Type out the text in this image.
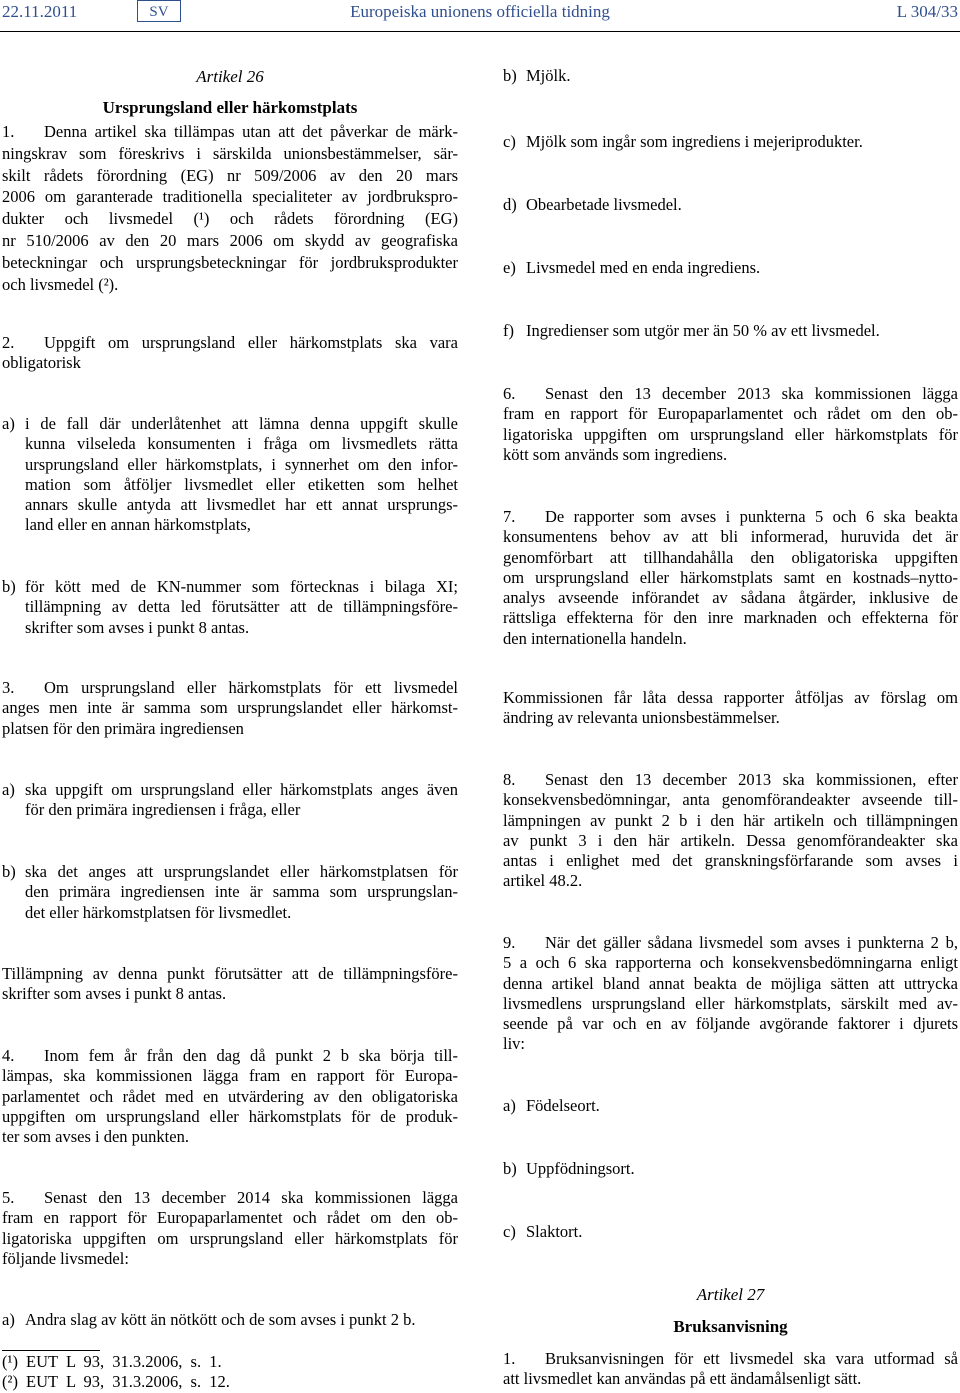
22.11.2011	SV	Europeiska unionens officiella tidning	L 304/33
Artikel 26
Ursprungsland eller härkomstplats
1. Denna artikel ska tillämpas utan att det påverkar de märk-
ningskrav som föreskrivs i särskilda unionsbestämmelser, sär-
skilt rådets förordning (EG) nr 509/2006 av den 20 mars
2006 om garanterade traditionella specialiteter av jordbrukspro-
dukter och livsmedel (¹) och rådets förordning (EG)
nr 510/2006 av den 20 mars 2006 om skydd av geografiska
beteckningar och ursprungsbeteckningar för jordbruksprodukter
och livsmedel (²).
2. Uppgift om ursprungsland eller härkomstplats ska vara
obligatorisk
a) i de fall där underlåtenhet att lämna denna uppgift skulle
kunna vilseleda konsumenten i fråga om livsmedlets rätta
ursprungsland eller härkomstplats, i synnerhet om den infor-
mation som åtföljer livsmedlet eller etiketten som helhet
annars skulle antyda att livsmedlet har ett annat ursprungs-
land eller en annan härkomstplats,
b) för kött med de KN-nummer som förtecknas i bilaga XI;
tillämpning av detta led förutsätter att de tillämpningsföre-
skrifter som avses i punkt 8 antas.
3. Om ursprungsland eller härkomstplats för ett livsmedel
anges men inte är samma som ursprungslandet eller härkomst-
platsen för den primära ingrediensen
a) ska uppgift om ursprungsland eller härkomstplats anges även
för den primära ingrediensen i fråga, eller
b) ska det anges att ursprungslandet eller härkomstplatsen för
den primära ingrediensen inte är samma som ursprungslan-
det eller härkomstplatsen för livsmedlet.
Tillämpning av denna punkt förutsätter att de tillämpningsföre-
skrifter som avses i punkt 8 antas.
4. Inom fem år från den dag då punkt 2 b ska börja till-
lämpas, ska kommissionen lägga fram en rapport för Europa-
parlamentet och rådet med en utvärdering av den obligatoriska
uppgiften om ursprungsland eller härkomstplats för de produk-
ter som avses i den punkten.
5. Senast den 13 december 2014 ska kommissionen lägga
fram en rapport för Europaparlamentet och rådet om den ob-
ligatoriska uppgiften om ursprungsland eller härkomstplats för
följande livsmedel:
a) Andra slag av kött än nötkött och de som avses i punkt 2 b.
(¹) EUT L 93, 31.3.2006, s. 1.
(²) EUT L 93, 31.3.2006, s. 12.
b) Mjölk.
c) Mjölk som ingår som ingrediens i mejeriprodukter.
d) Obearbetade livsmedel.
e) Livsmedel med en enda ingrediens.
f) Ingredienser som utgör mer än 50 % av ett livsmedel.
6. Senast den 13 december 2013 ska kommissionen lägga
fram en rapport för Europaparlamentet och rådet om den ob-
ligatoriska uppgiften om ursprungsland eller härkomstplats för
kött som används som ingrediens.
7. De rapporter som avses i punkterna 5 och 6 ska beakta
konsumentens behov av att bli informerad, huruvida det är
genomförbart att tillhandahålla den obligatoriska uppgiften
om ursprungsland eller härkomstplats samt en kostnads–nytto-
analys avseende införandet av sådana åtgärder, inklusive de
rättsliga effekterna för den inre marknaden och effekterna för
den internationella handeln.
Kommissionen får låta dessa rapporter åtföljas av förslag om
ändring av relevanta unionsbestämmelser.
8. Senast den 13 december 2013 ska kommissionen, efter
konsekvensbedömningar, anta genomförandeakter avseende till-
lämpningen av punkt 2 b i den här artikeln och tillämpningen
av punkt 3 i den här artikeln. Dessa genomförandeakter ska
antas i enlighet med det granskningsförfarande som avses i
artikel 48.2.
9. När det gäller sådana livsmedel som avses i punkterna 2 b,
5 a och 6 ska rapporterna och konsekvensbedömningarna enligt
denna artikel bland annat beakta de möjliga sätten att uttrycka
livsmedlens ursprungsland eller härkomstplats, särskilt med av-
seende på var och en av följande avgörande faktorer i djurets
liv:
a) Födelseort.
b) Uppfödningsort.
c) Slaktort.
Artikel 27
Bruksanvisning
1. Bruksanvisningen för ett livsmedel ska vara utformad så
att livsmedlet kan användas på ett ändamålsenligt sätt.
